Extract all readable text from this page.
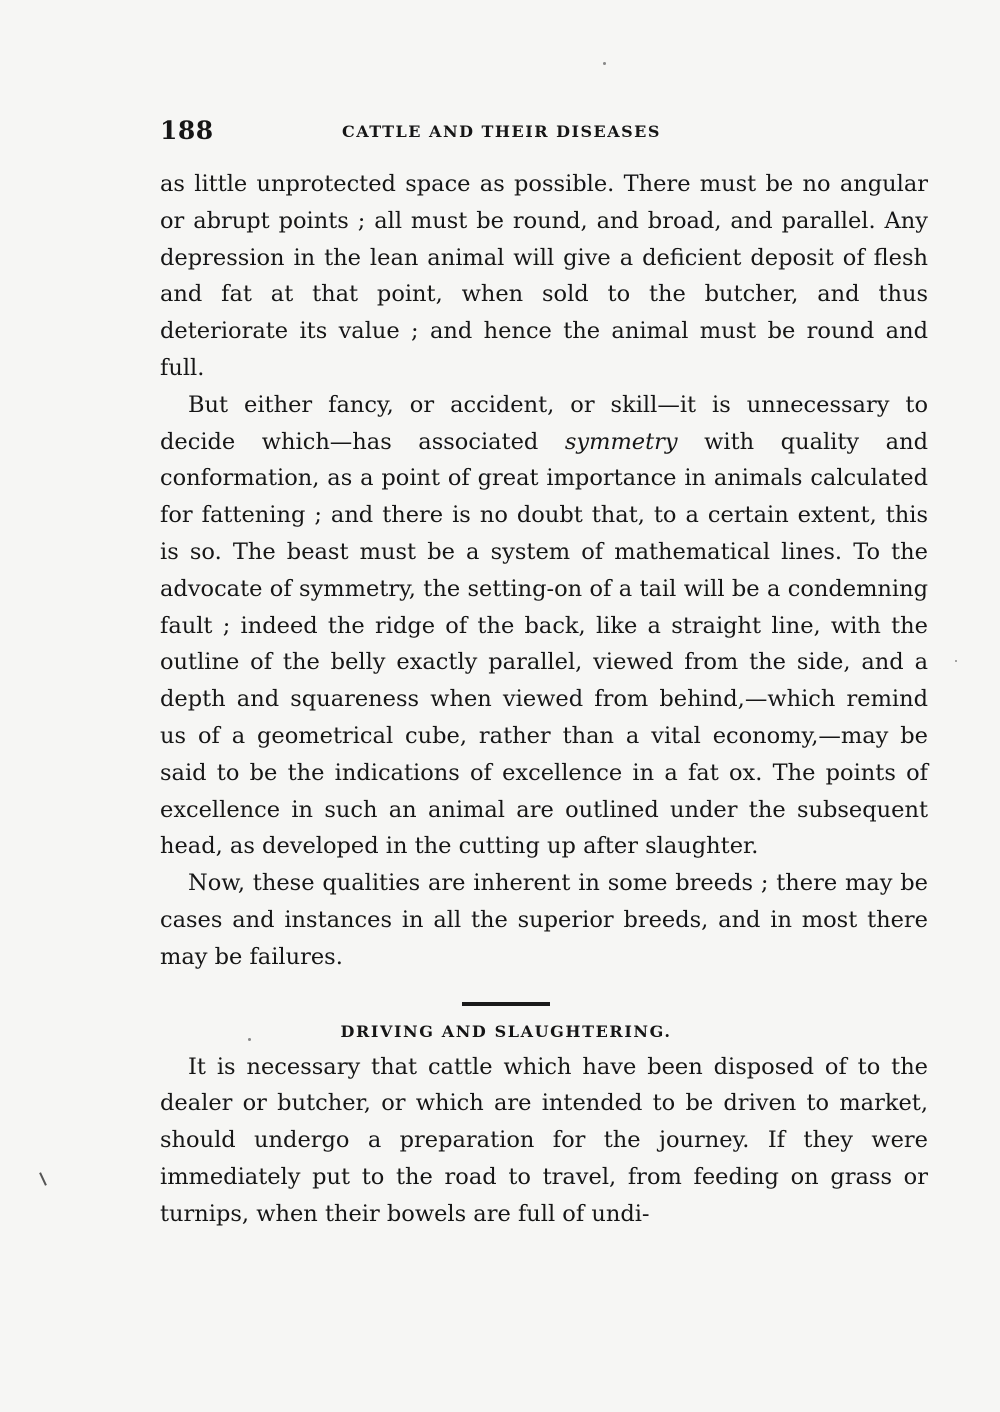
188	CATTLE AND THEIR DISEASES

as little unprotected space as possible. There must be no angular or abrupt points ; all must be round, and broad, and parallel. Any depression in the lean animal will give a deficient deposit of flesh and fat at that point, when sold to the butcher, and thus deteriorate its value ; and hence the animal must be round and full.

But either fancy, or accident, or skill—it is unnecessary to decide which—has associated symmetry with quality and conformation, as a point of great importance in animals calculated for fattening ; and there is no doubt that, to a certain extent, this is so. The beast must be a system of mathematical lines. To the advocate of symmetry, the setting-on of a tail will be a condemning fault ; indeed the ridge of the back, like a straight line, with the outline of the belly exactly parallel, viewed from the side, and a depth and squareness when viewed from behind,—which remind us of a geometrical cube, rather than a vital economy,—may be said to be the indications of excellence in a fat ox. The points of excellence in such an animal are outlined under the subsequent head, as developed in the cutting up after slaughter.

Now, these qualities are inherent in some breeds ; there may be cases and instances in all the superior breeds, and in most there may be failures.

DRIVING AND SLAUGHTERING.

It is necessary that cattle which have been disposed of to the dealer or butcher, or which are intended to be driven to market, should undergo a preparation for the journey. If they were immediately put to the road to travel, from feeding on grass or turnips, when their bowels are full of undi-
